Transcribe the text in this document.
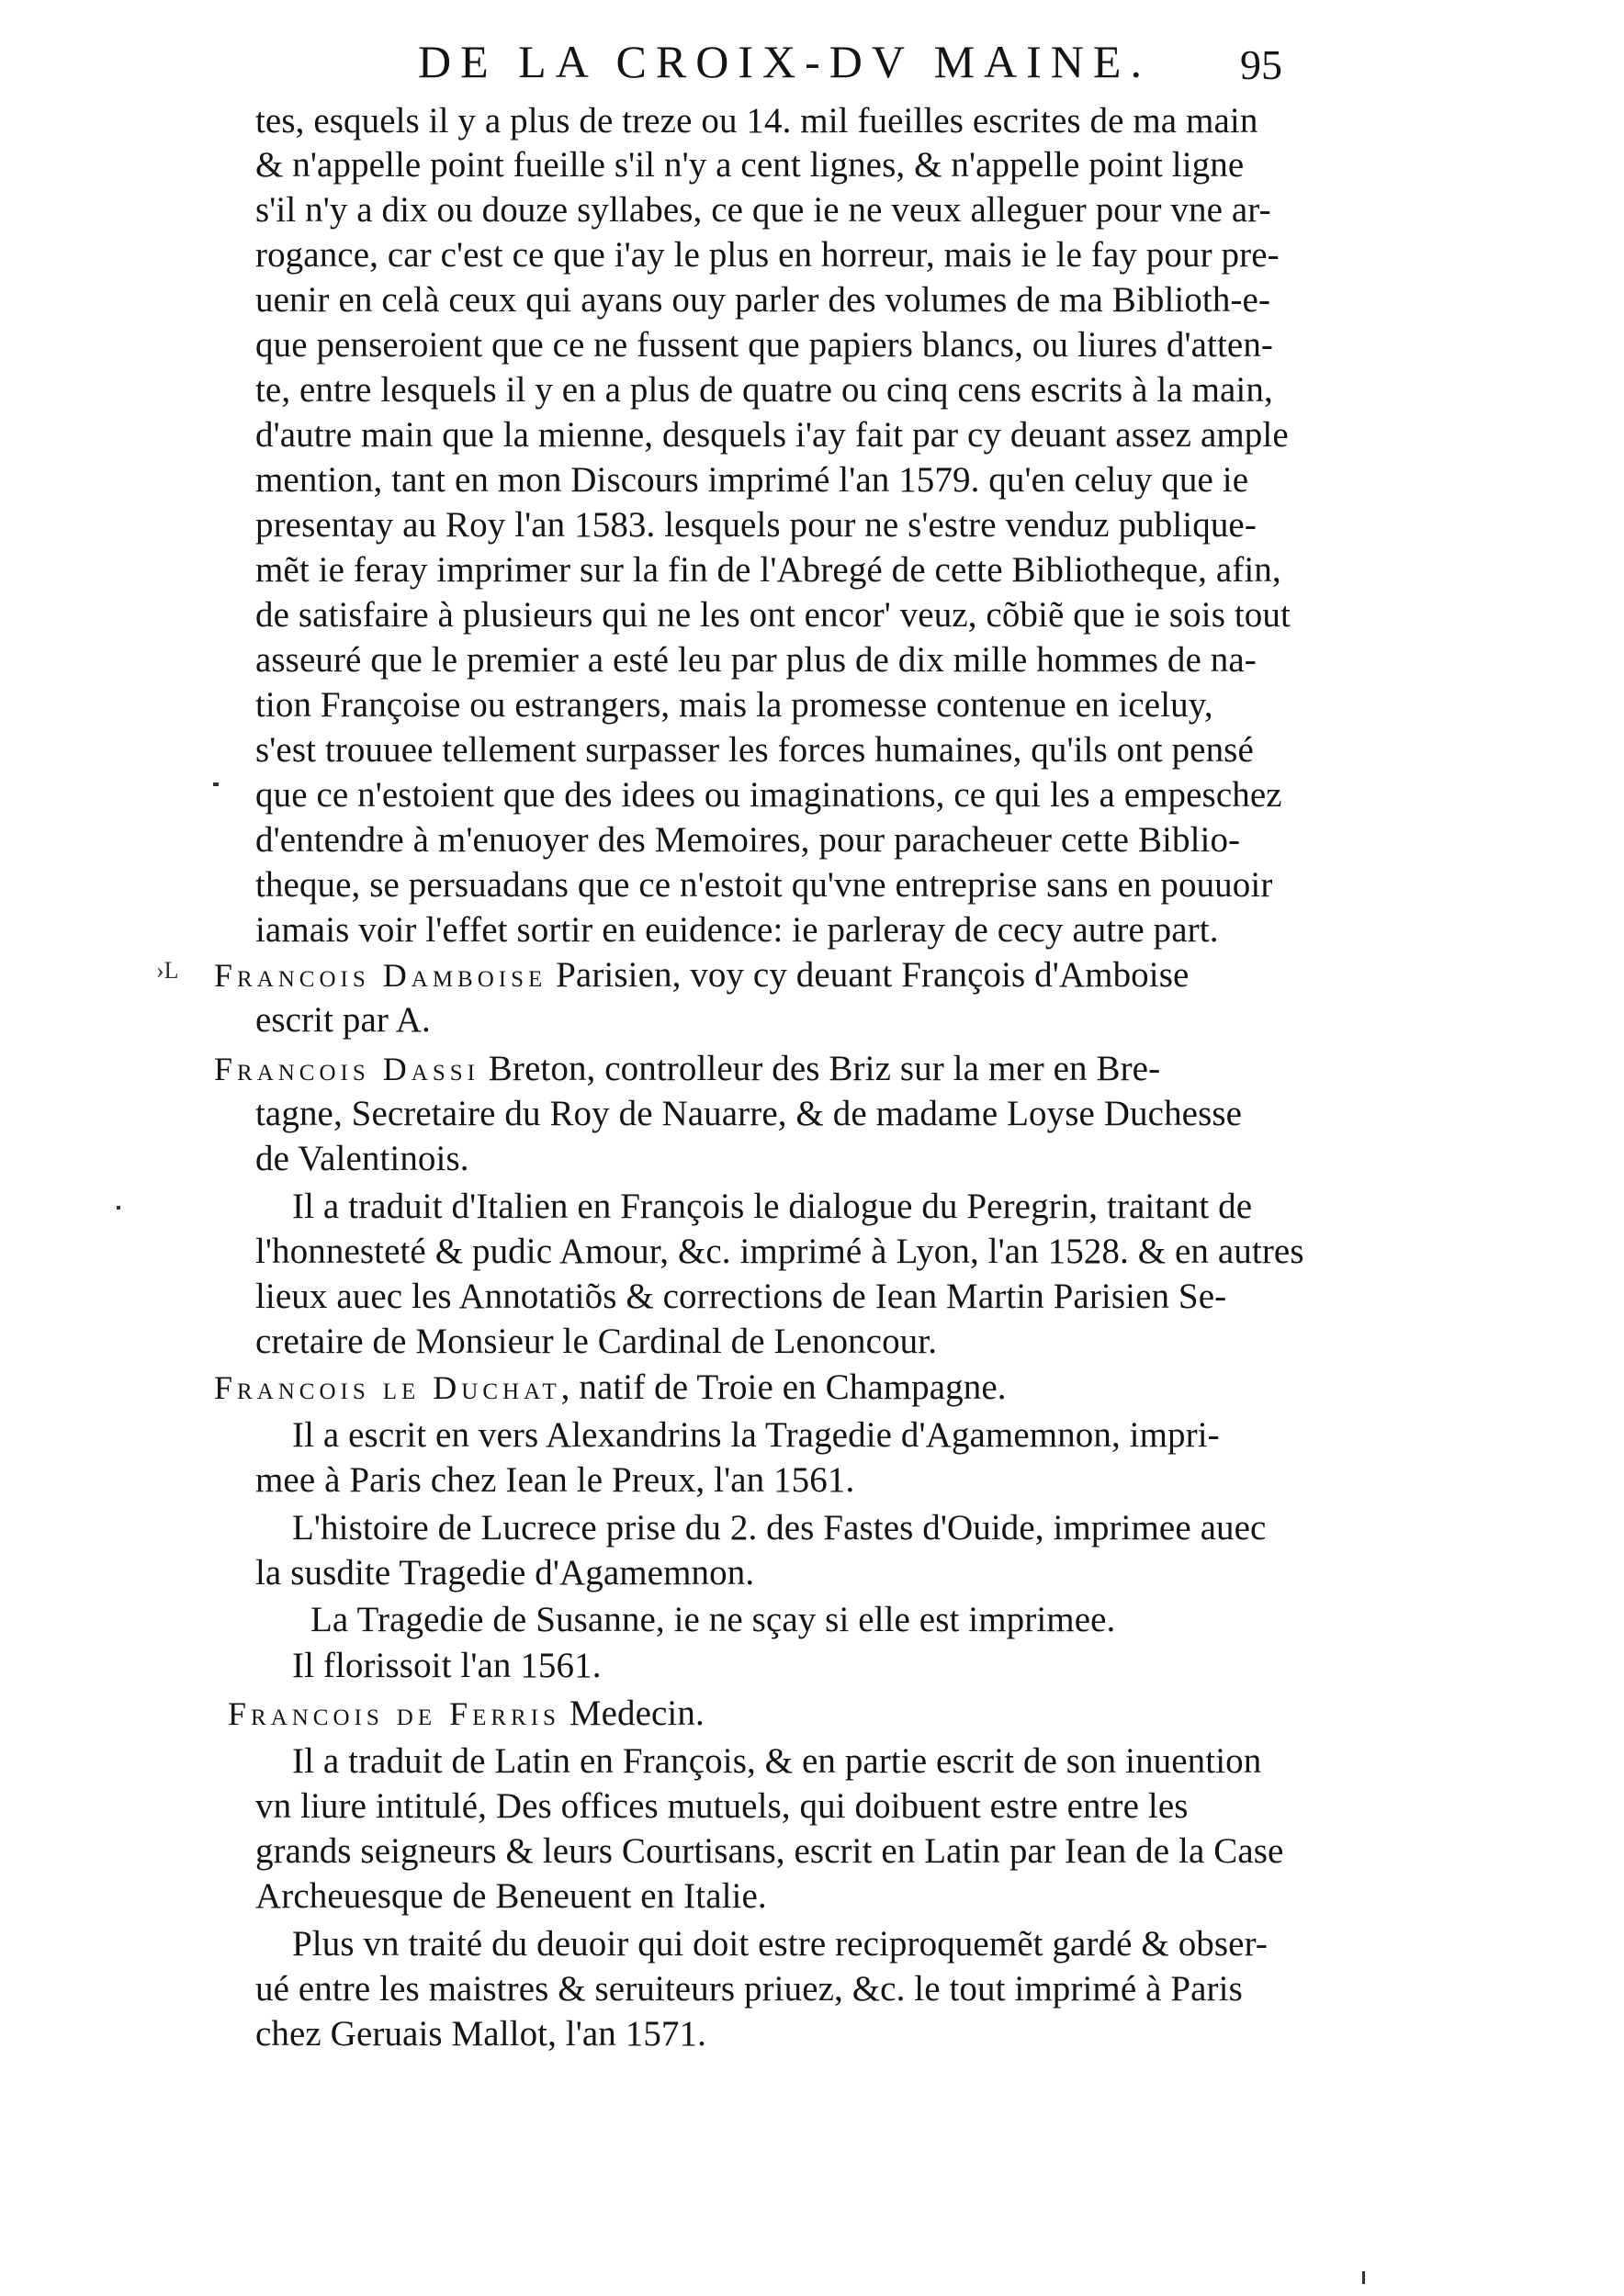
DE LA CROIX-DV MAINE. 95
tes, esquels il y a plus de treze ou 14. mil fueilles escrites de ma main
& n'appelle point fueille s'il n'y a cent lignes, & n'appelle point ligne
s'il n'y a dix ou douze syllabes, ce que ie ne veux alleguer pour vne ar-
rogance, car c'est ce que i'ay le plus en horreur, mais ie le fay pour pre-
uenir en celà ceux qui ayans ouy parler des volumes de ma Biblioth-e-
que penseroient que ce ne fussent que papiers blancs, ou liures d'atten-
te, entre lesquels il y en a plus de quatre ou cinq cens escrits à la main,
d'autre main que la mienne, desquels i'ay fait par cy deuant assez ample
mention, tant en mon Discours imprimé l'an 1579. qu'en celuy que ie
presentay au Roy l'an 1583. lesquels pour ne s'estre venduz publique-
mẽt ie feray imprimer sur la fin de l'Abregé de cette Bibliotheque, afin,
de satisfaire à plusieurs qui ne les ont encor' veuz, cõbiẽ que ie sois tout
asseuré que le premier a esté leu par plus de dix mille hommes de na-
tion Françoise ou estrangers, mais la promesse contenue en iceluy,
s'est trouuee tellement surpasser les forces humaines, qu'ils ont pensé
que ce n'estoient que des idees ou imaginations, ce qui les a empeschez
d'entendre à m'enuoyer des Memoires, pour paracheuer cette Biblio-
theque, se persuadans que ce n'estoit qu'vne entreprise sans en pouuoir
iamais voir l'effet sortir en euidence: ie parleray de cecy autre part.
›L Francois Damboise Parisien, voy cy deuant François d'Amboise
escrit par A.
Francois Dassi Breton, controlleur des Briz sur la mer en Bre-
tagne, Secretaire du Roy de Nauarre, & de madame Loyse Duchesse
de Valentinois.
Il a traduit d'Italien en François le dialogue du Peregrin, traitant de
l'honnesteté & pudic Amour, &c. imprimé à Lyon, l'an 1528. & en autres
lieux auec les Annotatiõs & corrections de Iean Martin Parisien Se-
cretaire de Monsieur le Cardinal de Lenoncour.
Francois le Duchat, natif de Troie en Champagne.
Il a escrit en vers Alexandrins la Tragedie d'Agamemnon, impri-
mee à Paris chez Iean le Preux, l'an 1561.
L'histoire de Lucrece prise du 2. des Fastes d'Ouide, imprimee auec
la susdite Tragedie d'Agamemnon.
La Tragedie de Susanne, ie ne sçay si elle est imprimee.
Il florissoit l'an 1561.
Francois de Ferris Medecin.
Il a traduit de Latin en François, & en partie escrit de son inuention
vn liure intitulé, Des offices mutuels, qui doibuent estre entre les
grands seigneurs & leurs Courtisans, escrit en Latin par Iean de la Case
Archeuesque de Beneuent en Italie.
Plus vn traité du deuoir qui doit estre reciproquemẽt gardé & obser-
ué entre les maistres & seruiteurs priuez, &c. le tout imprimé à Paris
chez Geruais Mallot, l'an 1571.
